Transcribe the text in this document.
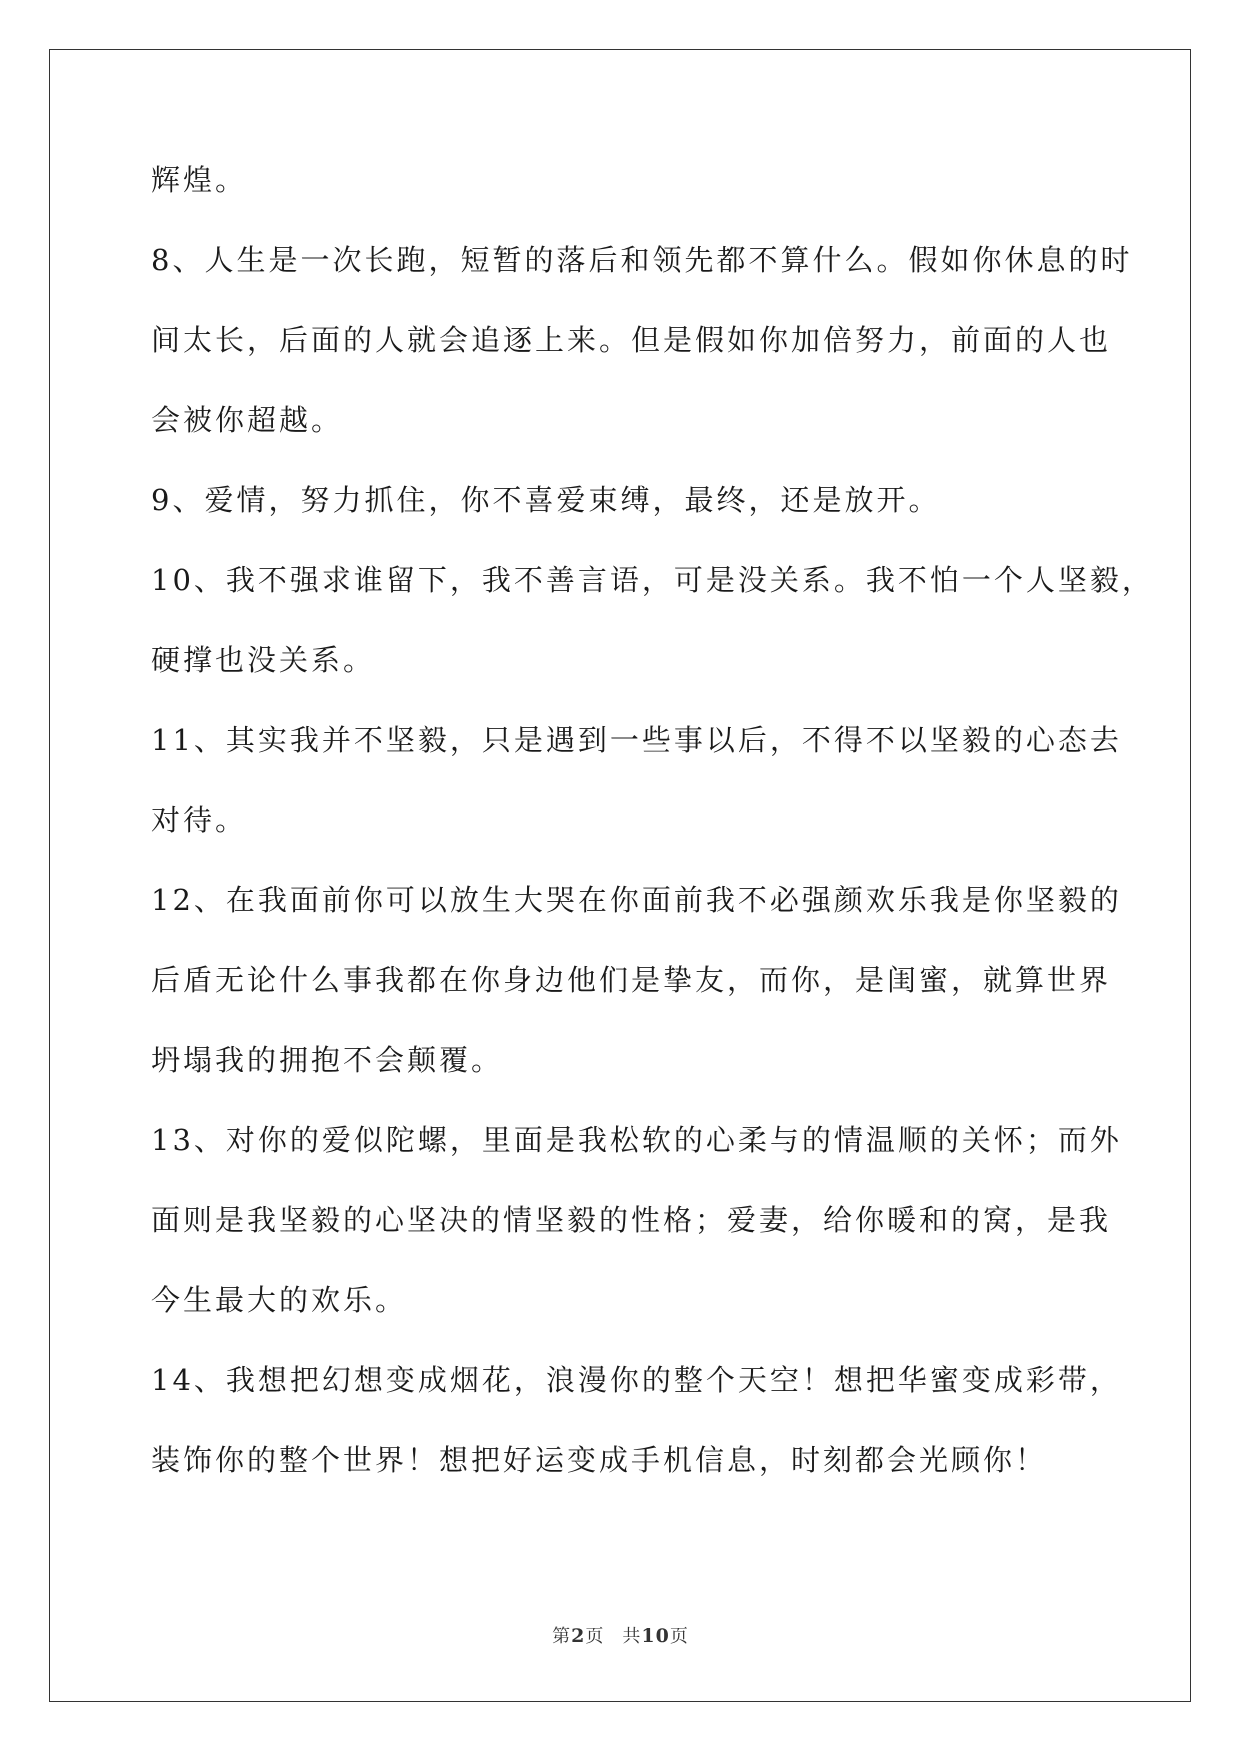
辉煌。
8、人生是一次长跑，短暂的落后和领先都不算什么。假如你休息的时
间太长，后面的人就会追逐上来。但是假如你加倍努力，前面的人也
会被你超越。
9、爱情，努力抓住，你不喜爱束缚，最终，还是放开。
10、我不强求谁留下，我不善言语，可是没关系。我不怕一个人坚毅，
硬撑也没关系。
11、其实我并不坚毅，只是遇到一些事以后，不得不以坚毅的心态去
对待。
12、在我面前你可以放生大哭在你面前我不必强颜欢乐我是你坚毅的
后盾无论什么事我都在你身边他们是挚友，而你，是闺蜜，就算世界
坍塌我的拥抱不会颠覆。
13、对你的爱似陀螺，里面是我松软的心柔与的情温顺的关怀；而外
面则是我坚毅的心坚决的情坚毅的性格；爱妻，给你暖和的窝，是我
今生最大的欢乐。
14、我想把幻想变成烟花，浪漫你的整个天空！想把华蜜变成彩带，
装饰你的整个世界！想把好运变成手机信息，时刻都会光顾你！
第2页 共10页
